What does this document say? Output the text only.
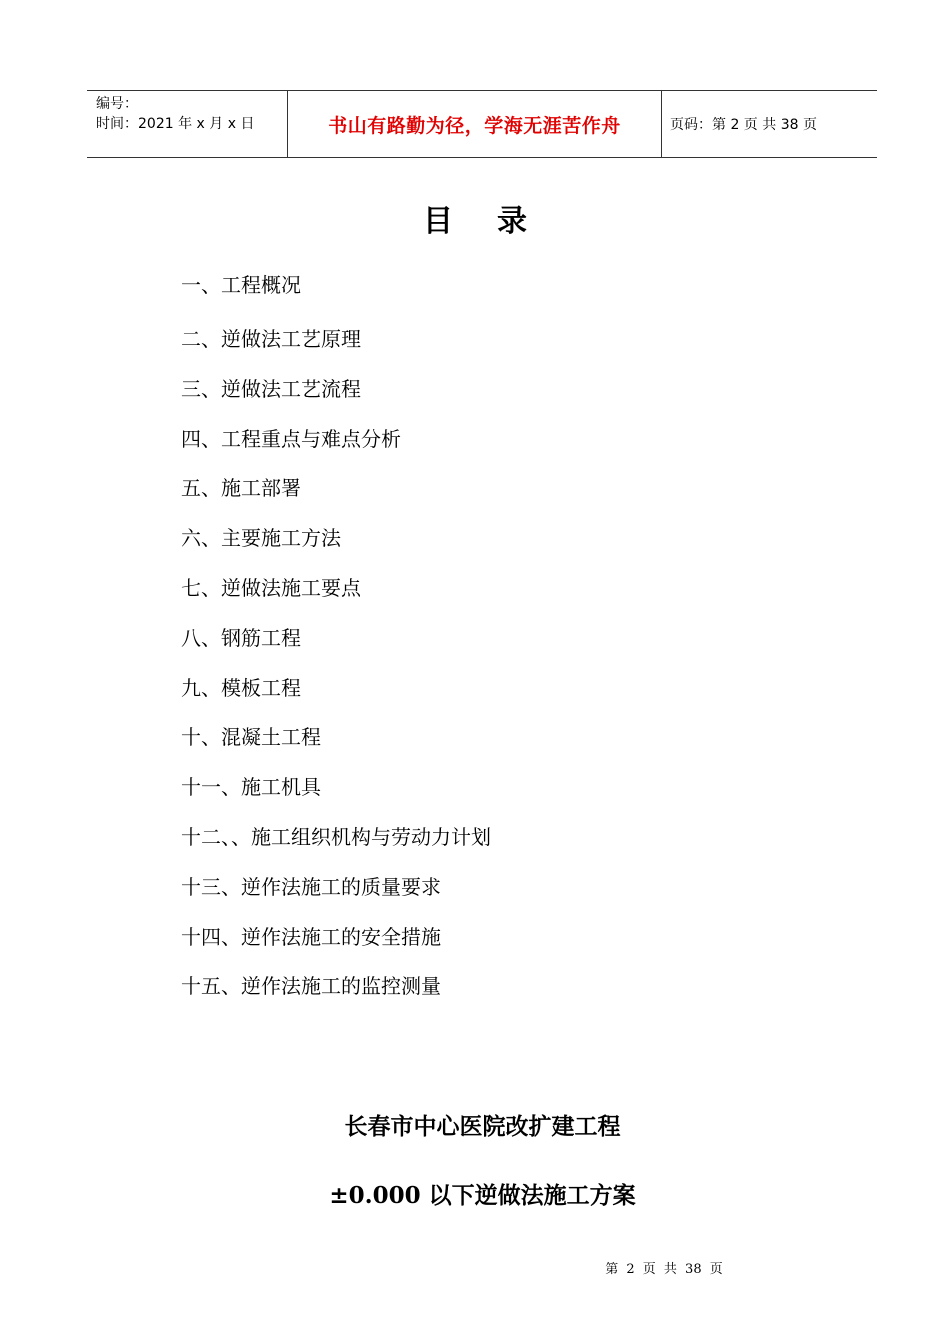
编号：
时间：2021 年 x 月 x 日	书山有路勤为径，学海无涯苦作舟	页码：第 2 页 共 38 页
目录
一、工程概况
二、逆做法工艺原理
三、逆做法工艺流程
四、工程重点与难点分析
五、施工部署
六、主要施工方法
七、逆做法施工要点
八、钢筋工程
九、模板工程
十、混凝土工程
十一、施工机具
十二、、施工组织机构与劳动力计划
十三、逆作法施工的质量要求
十四、逆作法施工的安全措施
十五、逆作法施工的监控测量
长春市中心医院改扩建工程
±0.000 以下逆做法施工方案
第 2 页 共 38 页
